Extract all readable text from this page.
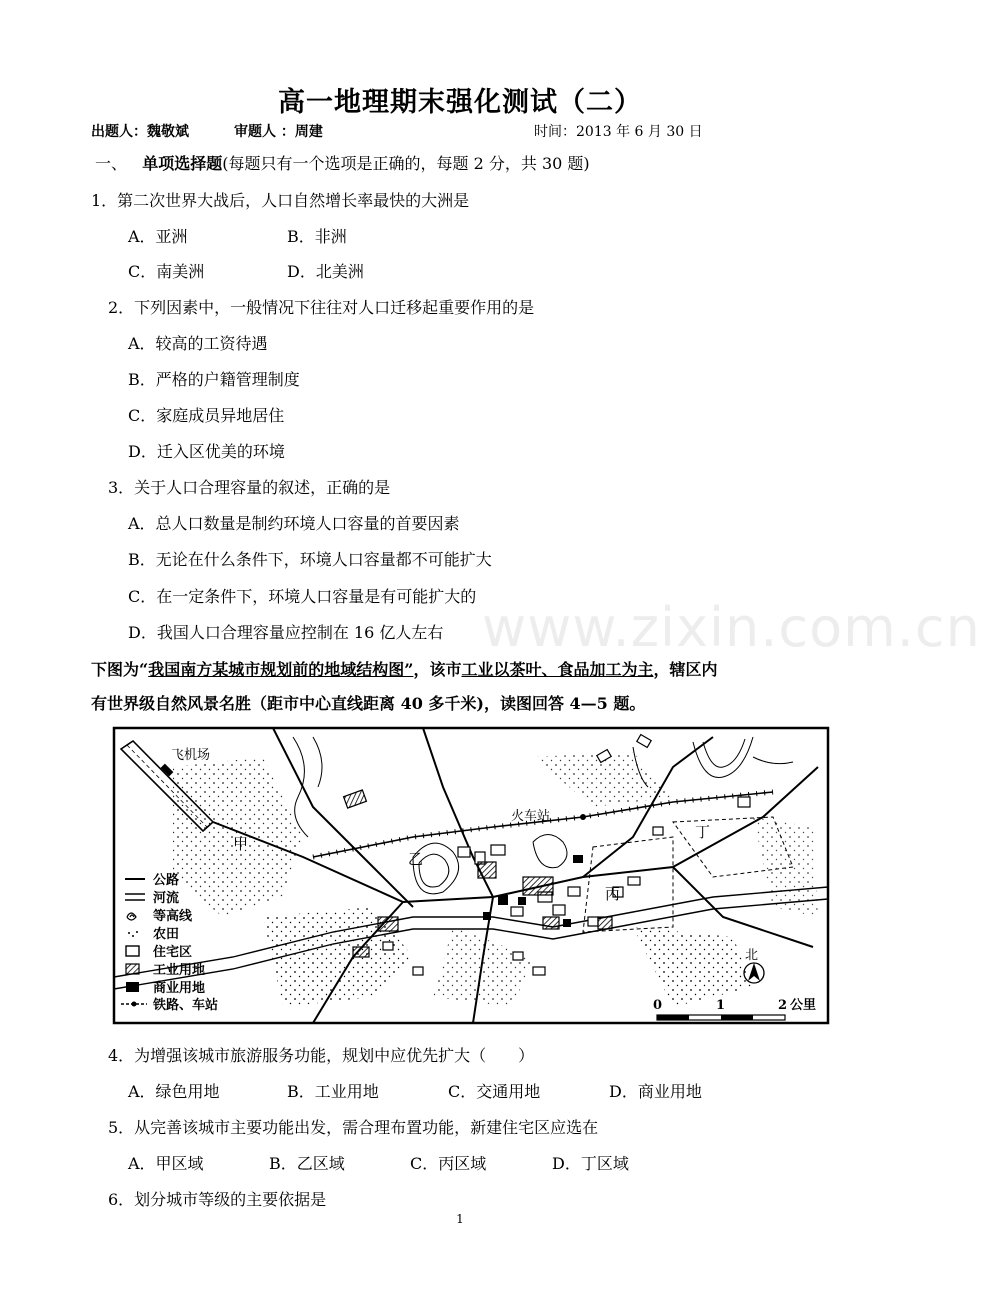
高一地理期末强化测试（二）
出题人：魏敬斌	审题人 ：周建	时间：2013 年 6 月 30 日
一、 单项选择题(每题只有一个选项是正确的，每题 2 分，共 30 题)
1．第二次世界大战后，人口自然增长率最快的大洲是
A．亚洲	B．非洲
C．南美洲	D．北美洲
2．下列因素中，一般情况下往往对人口迁移起重要作用的是
A．较高的工资待遇
B．严格的户籍管理制度
C．家庭成员异地居住
D．迁入区优美的环境
3．关于人口合理容量的叙述，正确的是
A．总人口数量是制约环境人口容量的首要因素
B．无论在什么条件下，环境人口容量都不可能扩大
C．在一定条件下，环境人口容量是有可能扩大的
D．我国人口合理容量应控制在 16 亿人左右 www.zixin.com.cn
下图为“我国南方某城市规划前的地域结构图”，该市工业以茶叶、食品加工为主，辖区内
有世界级自然风景名胜（距市中心直线距离 40 多千米)，读图回答 4—5 题。
飞机场
火车站
甲
乙
丙
丁
公路
河流
等高线
农田
住宅区
工业用地
商业用地
铁路、车站
北
0	1	2 公里
4．为增强该城市旅游服务功能，规划中应优先扩大（　　）
A．绿色用地	B．工业用地	C．交通用地	D．商业用地
5．从完善该城市主要功能出发，需合理布置功能，新建住宅区应选在
A．甲区域	B．乙区域	C．丙区域	D．丁区域
6．划分城市等级的主要依据是
1
